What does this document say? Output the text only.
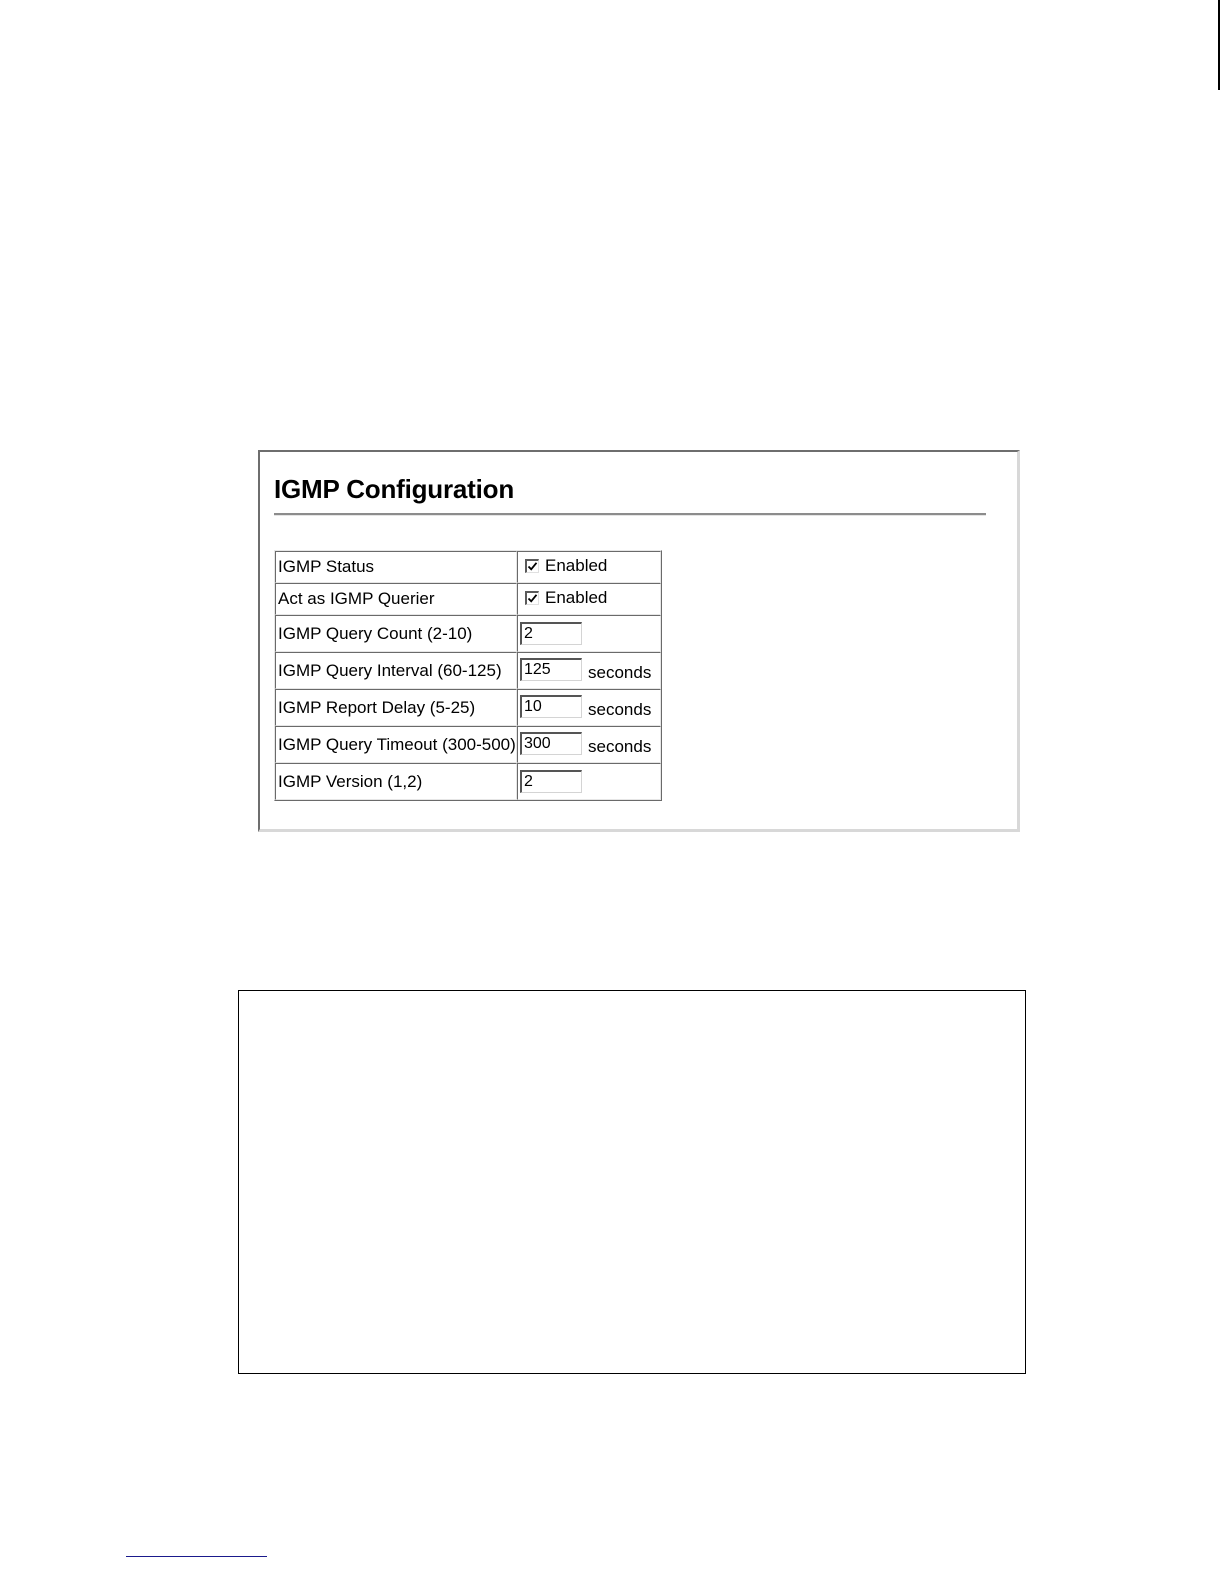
IGMP Configuration
IGMP Status	Enabled

Act as IGMP Querier	Enabled

IGMP Query Count (2-10)	2
IGMP Query Interval (60-125)	125seconds
IGMP Report Delay (5-25)	10seconds
IGMP Query Timeout (300-500)	300seconds
IGMP Version (1,2)	2
